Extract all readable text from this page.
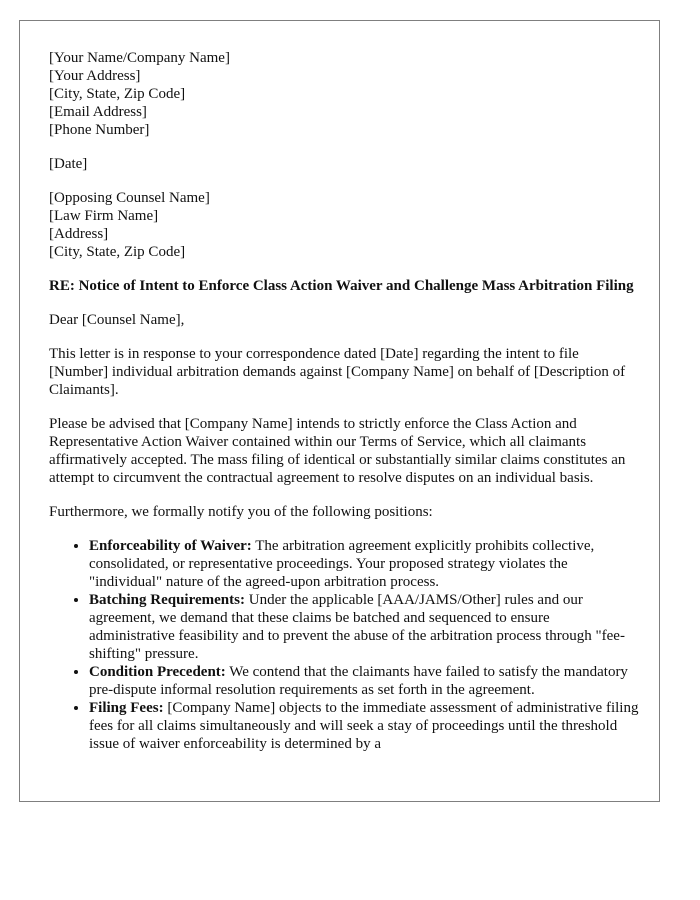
[Your Name/Company Name]
[Your Address]
[City, State, Zip Code]
[Email Address]
[Phone Number]
[Date]
[Opposing Counsel Name]
[Law Firm Name]
[Address]
[City, State, Zip Code]
RE: Notice of Intent to Enforce Class Action Waiver and Challenge Mass Arbitration Filing

Dear [Counsel Name],

This letter is in response to your correspondence dated [Date] regarding the intent to file [Number] individual arbitration demands against [Company Name] on behalf of [Description of Claimants].

Please be advised that [Company Name] intends to strictly enforce the Class Action and Representative Action Waiver contained within our Terms of Service, which all claimants affirmatively accepted. The mass filing of identical or substantially similar claims constitutes an attempt to circumvent the contractual agreement to resolve disputes on an individual basis.

Furthermore, we formally notify you of the following positions:

• Enforceability of Waiver: The arbitration agreement explicitly prohibits collective, consolidated, or representative proceedings. Your proposed strategy violates the "individual" nature of the agreed-upon arbitration process.
• Batching Requirements: Under the applicable [AAA/JAMS/Other] rules and our agreement, we demand that these claims be batched and sequenced to ensure administrative feasibility and to prevent the abuse of the arbitration process through "fee-shifting" pressure.
• Condition Precedent: We contend that the claimants have failed to satisfy the mandatory pre-dispute informal resolution requirements as set forth in the agreement.
• Filing Fees: [Company Name] objects to the immediate assessment of administrative filing fees for all claims simultaneously and will seek a stay of proceedings until the threshold issue of waiver enforceability is determined by a
